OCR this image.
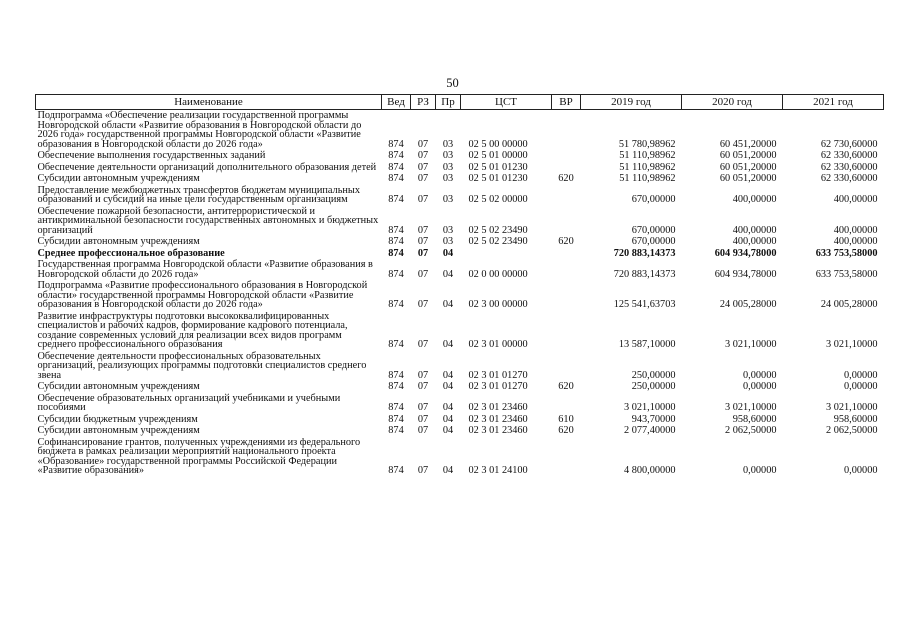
50
Наименование	Вед	РЗ	Пр	ЦСТ	ВР	2019 год	2020 год	2021 год
Подпрограмма «Обеспечение реализации государственной программы Новгородской области «Развитие образования в Новгородской области до 2026 года» государственной программы Новгородской области «Развитие образования в Новгородской области до 2026 года»	874	07	03	02 5 00 00000		51 780,98962	60 451,20000	62 730,60000
Обеспечение выполнения государственных заданий	874	07	03	02 5 01 00000		51 110,98962	60 051,20000	62 330,60000
Обеспечение деятельности организаций дополнительного образования детей	874	07	03	02 5 01 01230		51 110,98962	60 051,20000	62 330,60000
Субсидии автономным учреждениям	874	07	03	02 5 01 01230	620	51 110,98962	60 051,20000	62 330,60000
Предоставление межбюджетных трансфертов бюджетам муниципальных образований и субсидий на иные цели государственным организациям	874	07	03	02 5 02 00000		670,00000	400,00000	400,00000
Обеспечение пожарной безопасности, антитеррористической и антикриминальной безопасности государственных автономных и бюджетных организаций	874	07	03	02 5 02 23490		670,00000	400,00000	400,00000
Субсидии автономным учреждениям	874	07	03	02 5 02 23490	620	670,00000	400,00000	400,00000
Среднее профессиональное образование	874	07	04			720 883,14373	604 934,78000	633 753,58000
Государственная программа Новгородской области «Развитие образования в Новгородской области до 2026 года»	874	07	04	02 0 00 00000		720 883,14373	604 934,78000	633 753,58000
Подпрограмма «Развитие профессионального образования в Новгородской области» государственной программы Новгородской области «Развитие образования в Новгородской области до 2026 года»	874	07	04	02 3 00 00000		125 541,63703	24 005,28000	24 005,28000
Развитие инфраструктуры подготовки высококвалифицированных специалистов и рабочих кадров, формирование кадрового потенциала, создание современных условий для реализации всех видов программ среднего профессионального образования	874	07	04	02 3 01 00000		13 587,10000	3 021,10000	3 021,10000
Обеспечение деятельности профессиональных образовательных организаций, реализующих программы подготовки специалистов среднего звена	874	07	04	02 3 01 01270		250,00000	0,00000	0,00000
Субсидии автономным учреждениям	874	07	04	02 3 01 01270	620	250,00000	0,00000	0,00000
Обеспечение образовательных организаций учебниками и учебными пособиями	874	07	04	02 3 01 23460		3 021,10000	3 021,10000	3 021,10000
Субсидии бюджетным учреждениям	874	07	04	02 3 01 23460	610	943,70000	958,60000	958,60000
Субсидии автономным учреждениям	874	07	04	02 3 01 23460	620	2 077,40000	2 062,50000	2 062,50000
Софинансирование грантов, полученных учреждениями из федерального бюджета в рамках реализации мероприятий национального проекта «Образование» государственной программы Российской Федерации «Развитие образования»	874	07	04	02 3 01 24100		4 800,00000	0,00000	0,00000
